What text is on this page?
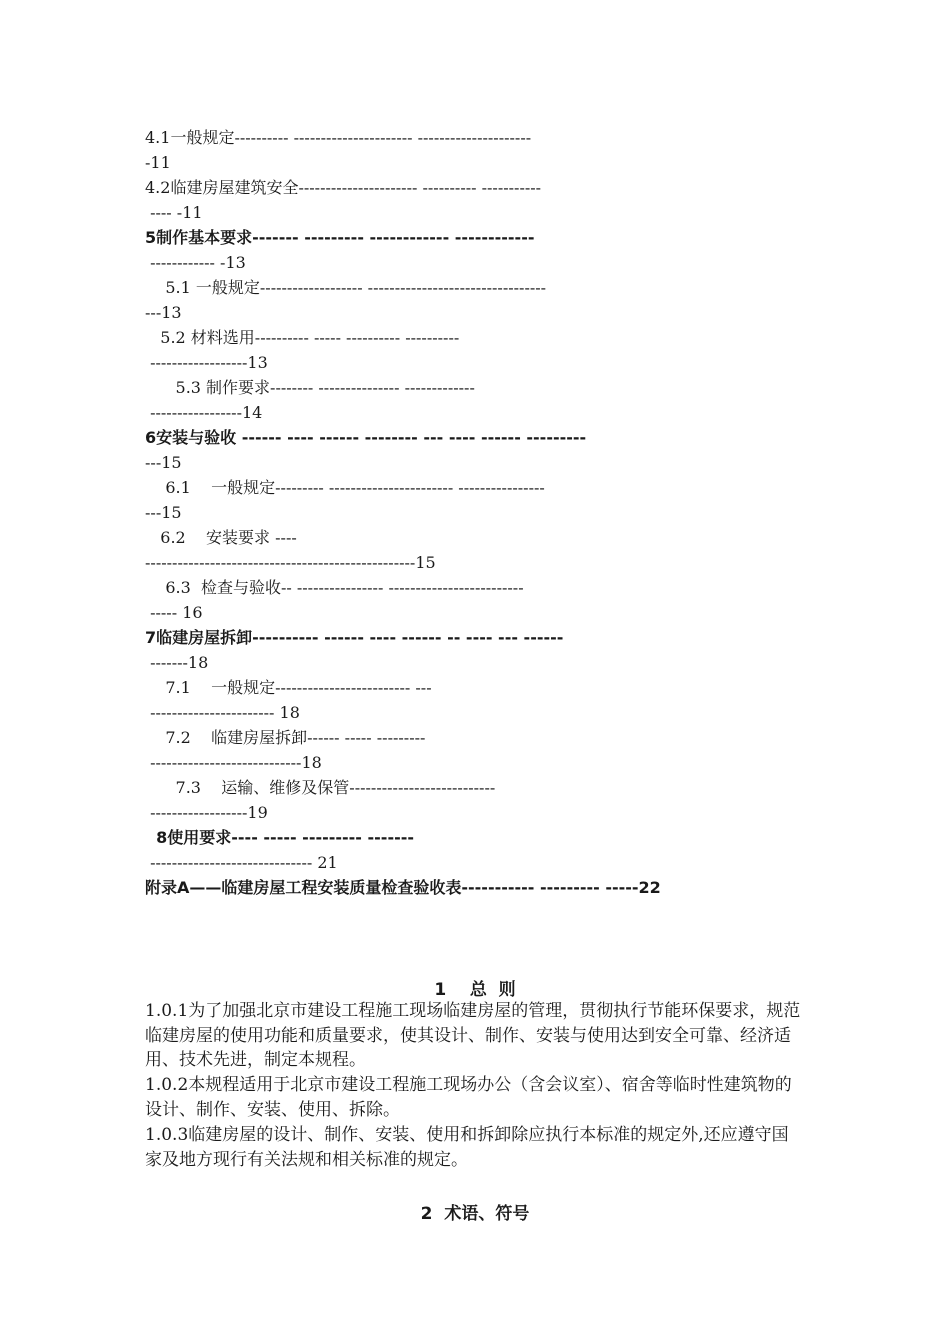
4.1一般规定---------- ---------------------- ---------------------
-11
4.2临建房屋建筑安全---------------------- ---------- -----------
---- -11
5制作基本要求------- --------- ------------ ------------
------------ -13
5.1 一般规定------------------- ---------------------------------
---13
5.2 材料选用---------- ----- ---------- ----------
------------------13
5.3 制作要求-------- --------------- -------------
-----------------14
6安装与验收 ------ ---- ------ -------- --- ---- ------ ---------
---15
6.1    一般规定--------- ----------------------- ----------------
---15
6.2    安装要求 ----
--------------------------------------------------15
6.3  检查与验收-- ---------------- -------------------------
----- 16
7临建房屋拆卸---------- ------ ---- ------ -- ---- --- ------
-------18
7.1    一般规定------------------------- ---
----------------------- 18
7.2    临建房屋拆卸------ ----- ---------
----------------------------18
7.3    运输、维修及保管---------------------------
------------------19
8使用要求---- ----- --------- -------
------------------------------ 21
附录A——临建房屋工程安装质量检查验收表----------- --------- -----22
1    总  则
1.0.1为了加强北京市建设工程施工现场临建房屋的管理，贯彻执行节能环保要求，规范临建房屋的使用功能和质量要求，使其设计、制作、安装与使用达到安全可靠、经济适用、技术先进，制定本规程。
1.0.2本规程适用于北京市建设工程施工现场办公（含会议室）、宿舍等临时性建筑物的设计、制作、安装、使用、拆除。
1.0.3临建房屋的设计、制作、安装、使用和拆卸除应执行本标准的规定外,还应遵守国家及地方现行有关法规和相关标准的规定。
2  术语、符号
